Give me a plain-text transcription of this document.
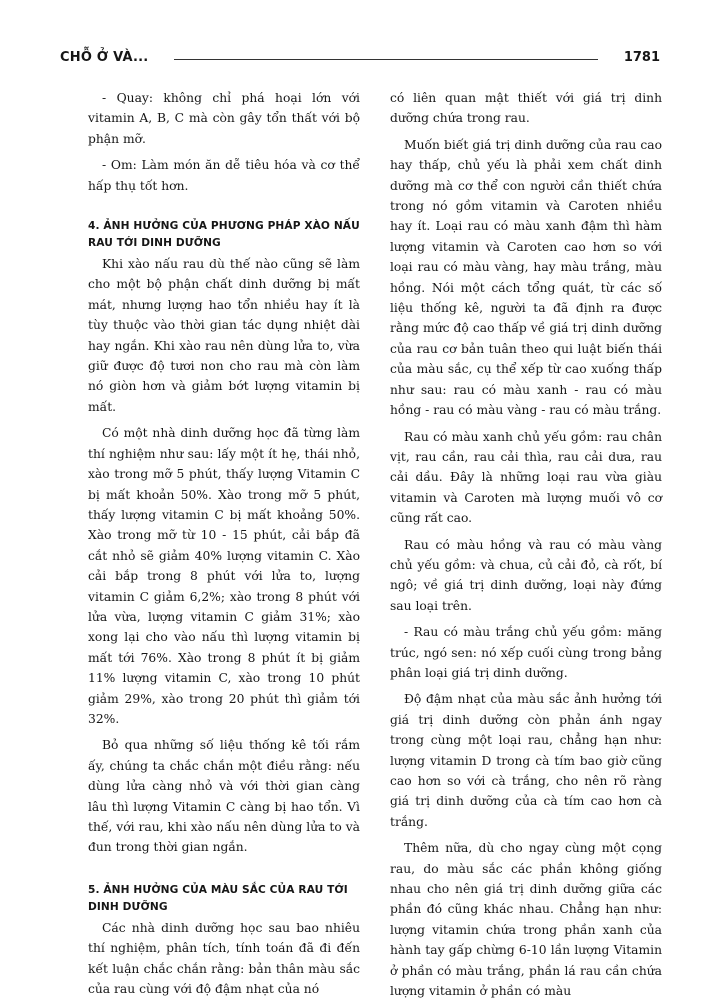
CHỖ Ở VÀ...	1781

- Quay: không chỉ phá hoại lớn với vitamin A, B, C mà còn gây tổn thất với bộ phận mỡ.

- Om: Làm món ăn dễ tiêu hóa và cơ thể hấp thụ tốt hơn.

4. ẢNH HƯỞNG CỦA PHƯƠNG PHÁP XÀO NẤU RAU TỚI DINH DƯỠNG

Khi xào nấu rau dù thế nào cũng sẽ làm cho một bộ phận chất dinh dưỡng bị mất mát, nhưng lượng hao tổn nhiều hay ít là tùy thuộc vào thời gian tác dụng nhiệt dài hay ngắn. Khi xào rau nên dùng lửa to, vừa giữ được độ tươi non cho rau mà còn làm nó giòn hơn và giảm bớt lượng vitamin bị mất.

Có một nhà dinh dưỡng học đã từng làm thí nghiệm như sau: lấy một ít hẹ, thái nhỏ, xào trong mỡ 5 phút, thấy lượng Vitamin C bị mất khoản 50%. Xào trong mỡ 5 phút, thấy lượng vitamin C bị mất khoảng 50%. Xào trong mỡ từ 10 - 15 phút, cải bắp đã cắt nhỏ sẽ giảm 40% lượng vitamin C. Xào cải bắp trong 8 phút với lửa to, lượng vitamin C giảm 6,2%; xào trong 8 phút với lửa vừa, lượng vitamin C giảm 31%; xào xong lại cho vào nấu thì lượng vitamin bị mất tới 76%. Xào trong 8 phút ít bị giảm 11% lượng vitamin C, xào trong 10 phút giảm 29%, xào trong 20 phút thì giảm tới 32%.

Bỏ qua những số liệu thống kê tối rắm ấy, chúng ta chắc chắn một điều rằng: nếu dùng lửa càng nhỏ và với thời gian càng lâu thì lượng Vitamin C càng bị hao tổn. Vì thế, với rau, khi xào nấu nên dùng lửa to và đun trong thời gian ngắn.

5. ẢNH HƯỞNG CỦA MÀU SẮC CỦA RAU TỚI DINH DƯỠNG

Các nhà dinh dưỡng học sau bao nhiêu thí nghiệm, phân tích, tính toán đã đi đến kết luận chắc chắn rằng: bản thân màu sắc của rau cùng với độ đậm nhạt của nó

có liên quan mật thiết với giá trị dinh dưỡng chứa trong rau.

Muốn biết giá trị dinh dưỡng của rau cao hay thấp, chủ yếu là phải xem chất dinh dưỡng mà cơ thể con người cần thiết chứa trong nó gồm vitamin và Caroten nhiều hay ít. Loại rau có màu xanh đậm thì hàm lượng vitamin và Caroten cao hơn so với loại rau có màu vàng, hay màu trắng, màu hồng. Nói một cách tổng quát, từ các số liệu thống kê, người ta đã định ra được rằng mức độ cao thấp về giá trị dinh dưỡng của rau cơ bản tuân theo qui luật biến thái của màu sắc, cụ thể xếp từ cao xuống thấp như sau: rau có màu xanh - rau có màu hồng - rau có màu vàng - rau có màu trắng.

Rau có màu xanh chủ yếu gồm: rau chân vịt, rau cần, rau cải thìa, rau cải dưa, rau cải dầu. Đây là những loại rau vừa giàu vitamin và Caroten mà lượng muối vô cơ cũng rất cao.

Rau có màu hồng và rau có màu vàng chủ yếu gồm: và chua, củ cải đỏ, cà rốt, bí ngô; về giá trị dinh dưỡng, loại này đứng sau loại trên.

- Rau có màu trắng chủ yếu gồm: măng trúc, ngó sen: nó xếp cuối cùng trong bảng phân loại giá trị dinh dưỡng.

Độ đậm nhạt của màu sắc ảnh hưởng tới giá trị dinh dưỡng còn phản ánh ngay trong cùng một loại rau, chẳng hạn như: lượng vitamin D trong cà tím bao giờ cũng cao hơn so với cà trắng, cho nên rõ ràng giá trị dinh dưỡng của cà tím cao hơn cà trắng.

Thêm nữa, dù cho ngay cùng một cọng rau, do màu sắc các phần không giống nhau cho nên giá trị dinh dưỡng giữa các phần đó cũng khác nhau. Chẳng hạn như: lượng vitamin chứa trong phần xanh của hành tay gấp chừng 6-10 lần lượng Vitamin ở phần có màu trắng, phần lá rau cần chứa lượng vitamin ở phần có màu
